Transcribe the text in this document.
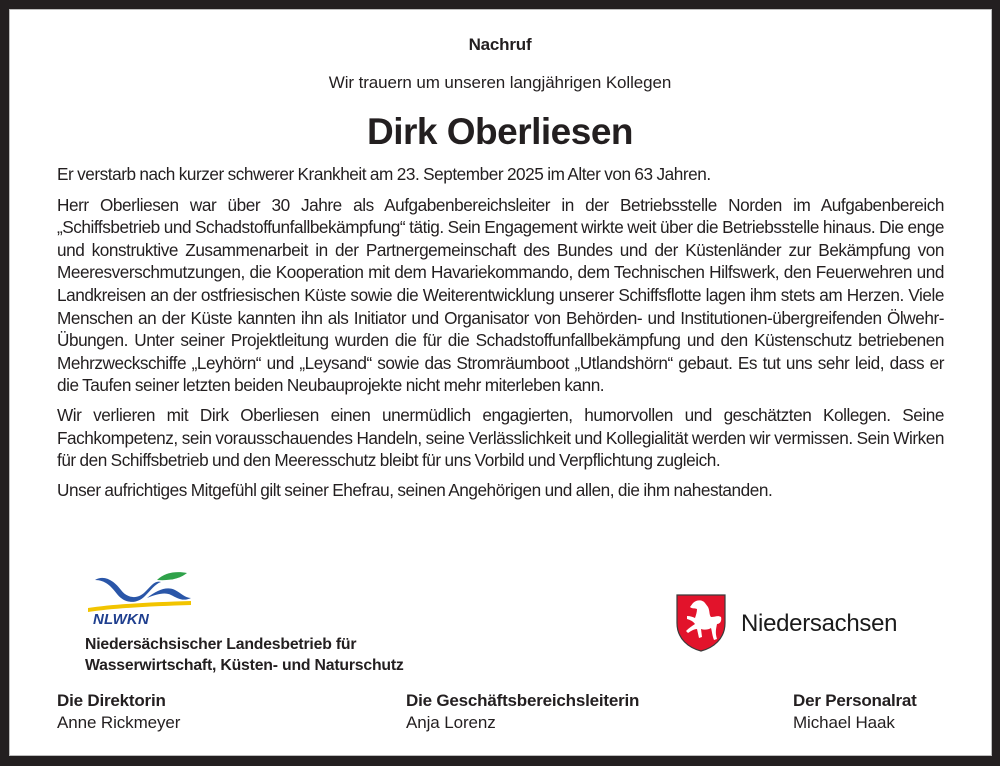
Nachruf
Wir trauern um unseren langjährigen Kollegen
Dirk Oberliesen

Er verstarb nach kurzer schwerer Krankheit am 23. September 2025 im Alter von 63 Jahren.

Herr Oberliesen war über 30 Jahre als Aufgabenbereichsleiter in der Betriebsstelle Norden im Aufgabenbereich „Schiffsbetrieb und Schadstoffunfallbekämpfung“ tätig. Sein Engagement wirkte weit über die Betriebsstelle hinaus. Die enge und konstruktive Zusammenarbeit in der Partnergemeinschaft des Bundes und der Küstenländer zur Bekämpfung von Meeresverschmutzungen, die Kooperation mit dem Havariekommando, dem Technischen Hilfswerk, den Feuerwehren und Landkreisen an der ostfriesischen Küste sowie die Weiterentwicklung unserer Schiffsflotte lagen ihm stets am Herzen. Viele Menschen an der Küste kannten ihn als Initiator und Organisator von Behörden- und Institutionen-übergreifenden Ölwehr-Übungen. Unter seiner Projektleitung wurden die für die Schadstoffunfallbekämpfung und den Küstenschutz betriebenen Mehrzweckschiffe „Leyhörn“ und „Leysand“ sowie das Stromräumboot „Utlandshörn“ gebaut. Es tut uns sehr leid, dass er die Taufen seiner letzten beiden Neubauprojekte nicht mehr miterleben kann.

Wir verlieren mit Dirk Oberliesen einen unermüdlich engagierten, humorvollen und geschätzten Kollegen. Seine Fachkompetenz, sein vorausschauendes Handeln, seine Verlässlichkeit und Kollegialität werden wir vermissen. Sein Wirken für den Schiffsbetrieb und den Meeresschutz bleibt für uns Vorbild und Verpflichtung zugleich.

Unser aufrichtiges Mitgefühl gilt seiner Ehefrau, seinen Angehörigen und allen, die ihm nahestanden.

NLWKN
Niedersächsischer Landesbetrieb für
Wasserwirtschaft, Küsten- und Naturschutz
Niedersachsen
Die Direktorin
Anne Rickmeyer
Die Geschäftsbereichsleiterin
Anja Lorenz
Der Personalrat
Michael Haak
